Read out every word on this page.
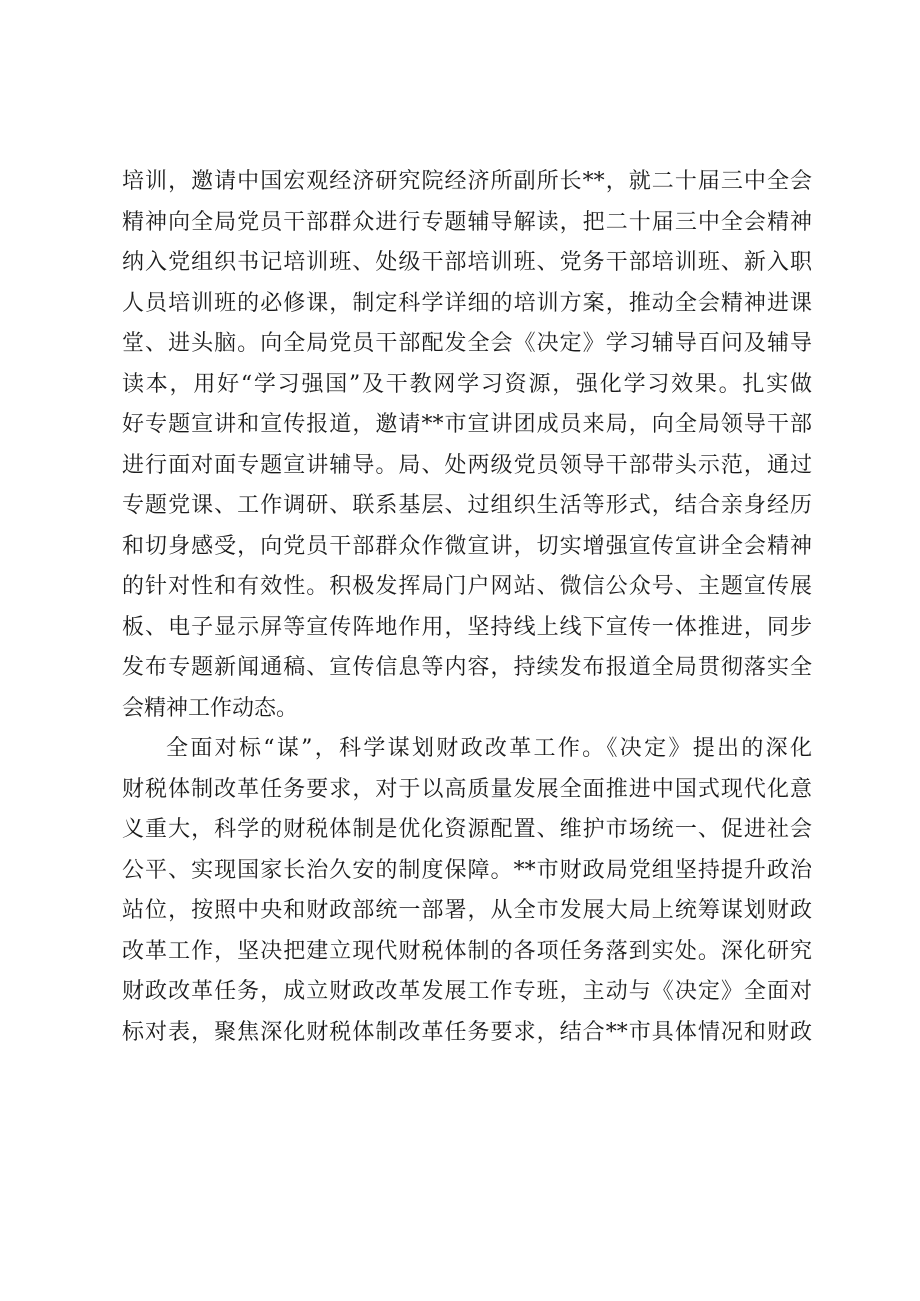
培训，邀请中国宏观经济研究院经济所副所长**，就二十届三中全会
精神向全局党员干部群众进行专题辅导解读，把二十届三中全会精神
纳入党组织书记培训班、处级干部培训班、党务干部培训班、新入职
人员培训班的必修课，制定科学详细的培训方案，推动全会精神进课
堂、进头脑。向全局党员干部配发全会《决定》学习辅导百问及辅导
读本，用好“学习强国”及干教网学习资源，强化学习效果。扎实做
好专题宣讲和宣传报道，邀请**市宣讲团成员来局，向全局领导干部
进行面对面专题宣讲辅导。局、处两级党员领导干部带头示范，通过
专题党课、工作调研、联系基层、过组织生活等形式，结合亲身经历
和切身感受，向党员干部群众作微宣讲，切实增强宣传宣讲全会精神
的针对性和有效性。积极发挥局门户网站、微信公众号、主题宣传展
板、电子显示屏等宣传阵地作用，坚持线上线下宣传一体推进，同步
发布专题新闻通稿、宣传信息等内容，持续发布报道全局贯彻落实全
会精神工作动态。
全面对标“谋”，科学谋划财政改革工作。《决定》提出的深化
财税体制改革任务要求，对于以高质量发展全面推进中国式现代化意
义重大，科学的财税体制是优化资源配置、维护市场统一、促进社会
公平、实现国家长治久安的制度保障。**市财政局党组坚持提升政治
站位，按照中央和财政部统一部署，从全市发展大局上统筹谋划财政
改革工作，坚决把建立现代财税体制的各项任务落到实处。深化研究
财政改革任务，成立财政改革发展工作专班，主动与《决定》全面对
标对表，聚焦深化财税体制改革任务要求，结合**市具体情况和财政
